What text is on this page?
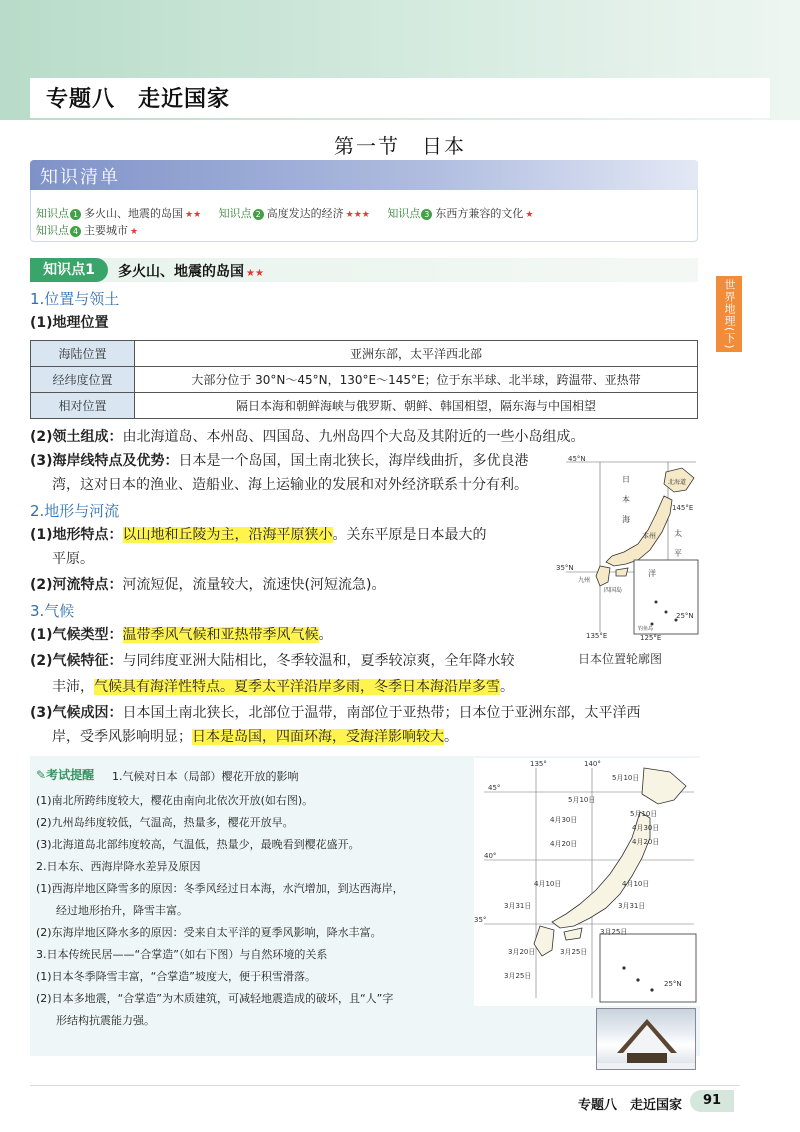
专题八　走近国家
第一节　日本
知识清单
知识点 1 多火山、地震的岛国 ★★ 知识点 2 高度发达的经济 ★★★ 知识点 3 东西方兼容的文化 ★
知识点 4 主要城市 ★
知识点1	多火山、地震的岛国 ★★
世界地理(下)
1.位置与领土
(1)地理位置
海陆位置	亚洲东部，太平洋西北部
经纬度位置	大部分位于 30°N～45°N，130°E～145°E；位于东半球、北半球，跨温带、亚热带
相对位置	隔日本海和朝鲜海峡与俄罗斯、朝鲜、韩国相望，隔东海与中国相望
(2)领土组成：由北海道岛、本州岛、四国岛、九州岛四个大岛及其附近的一些小岛组成。
(3)海岸线特点及优势：日本是一个岛国，国土南北狭长，海岸线曲折，多优良港
湾，这对日本的渔业、造船业、海上运输业的发展和对外经济联系十分有利。
2.地形与河流
(1)地形特点：以山地和丘陵为主，沿海平原狭小。关东平原是日本最大的
平原。
(2)河流特点：河流短促，流量较大，流速快(河短流急)。
3.气候
(1)气候类型：温带季风气候和亚热带季风气候。
(2)气候特征：与同纬度亚洲大陆相比，冬季较温和，夏季较凉爽，全年降水较
丰沛，气候具有海洋性特点。夏季太平洋沿岸多雨，冬季日本海沿岸多雪。
(3)气候成因：日本国土南北狭长，北部位于温带，南部位于亚热带；日本位于亚洲东部，太平洋西
岸，受季风影响明显；日本是岛国，四面环海，受海洋影响较大。
45°N
日
本
海
北海道
145°E
太
平
洋
本州
35°N
九州
四国岛
25°N
135°E	125°E
钓鱼岛
日本位置轮廓图
✎考试提醒 1.气候对日本（局部）樱花开放的影响
(1)南北所跨纬度较大，樱花由南向北依次开放(如右图)。
(2)九州岛纬度较低，气温高，热量多，樱花开放早。
(3)北海道岛北部纬度较高，气温低，热量少，最晚看到樱花盛开。
2.日本东、西海岸降水差异及原因
(1)西海岸地区降雪多的原因：冬季风经过日本海，水汽增加，到达西海岸，
经过地形抬升，降雪丰富。
(2)东海岸地区降水多的原因：受来自太平洋的夏季风影响，降水丰富。
3.日本传统民居——“合掌造”（如右下图）与自然环境的关系
(1)日本冬季降雪丰富，“合掌造”坡度大，便于积雪滑落。
(2)日本多地震，“合掌造”为木质建筑，可减轻地震造成的破坏，且“人”字
形结构抗震能力强。
135°	140°
45°
5月10日
5月10日
5月10日
4月30日
4月30日
4月20日	4月20日
40°
4月10日	4月10日
3月31日	3月31日
35°
3月25日
3月20日	3月25日
3月25日
25°N
专题八　走近国家	91
